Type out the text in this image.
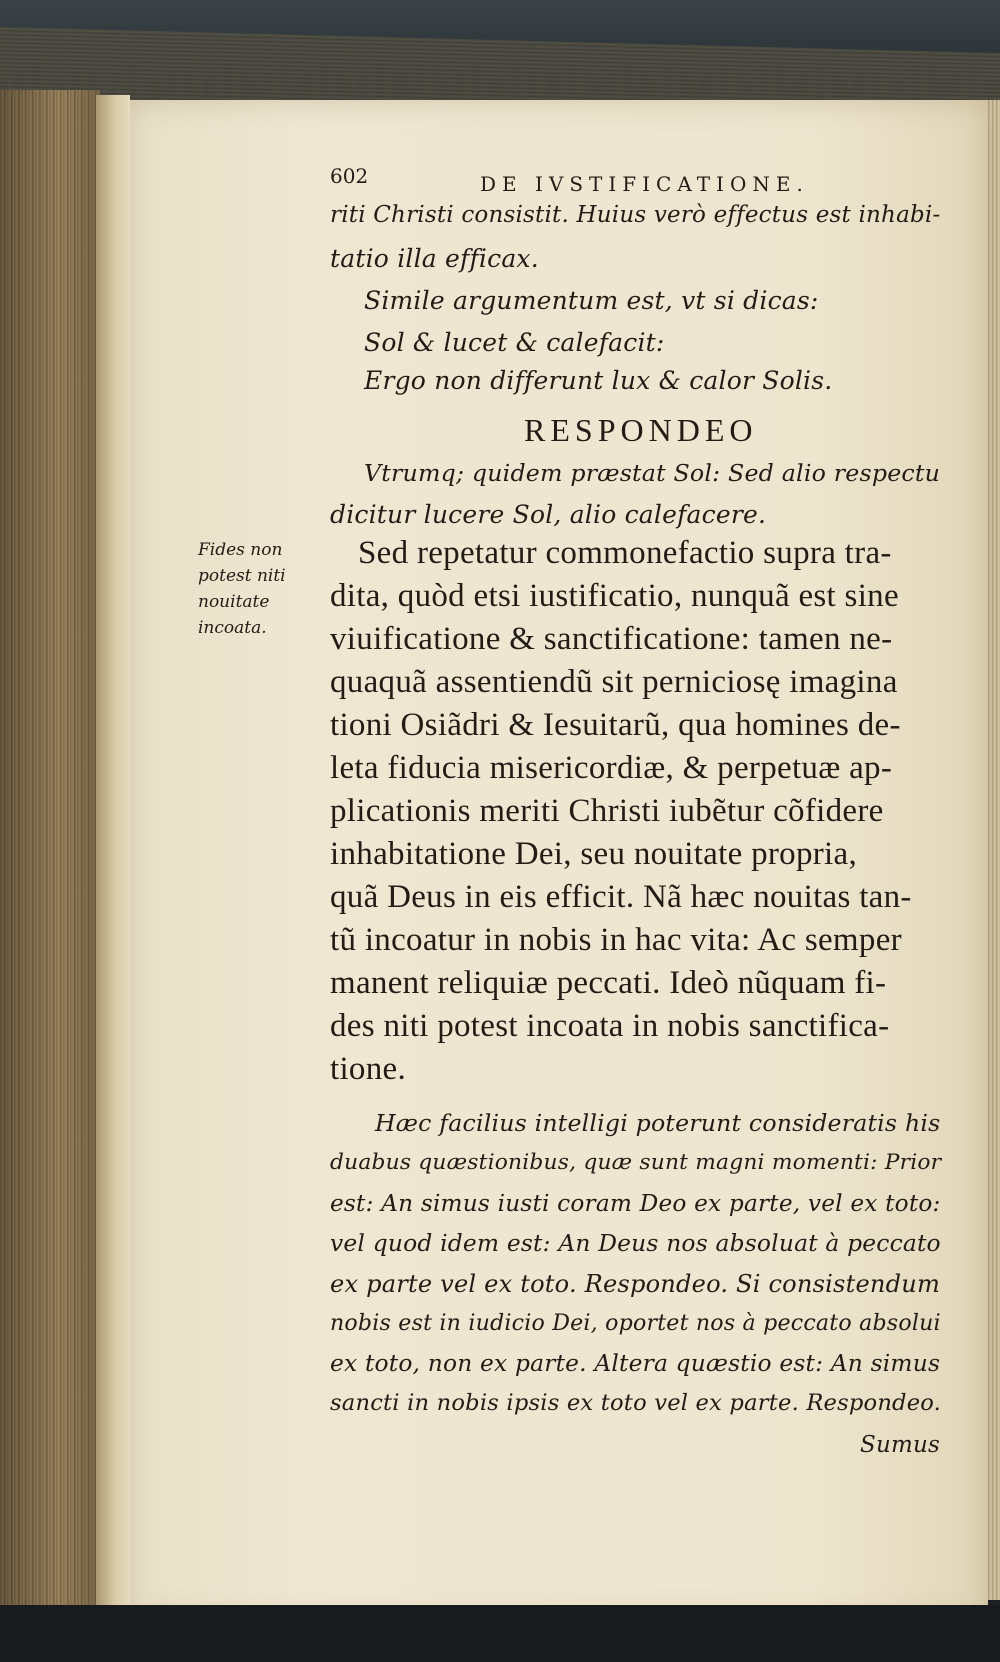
602	DE IVSTIFICATIONE.
riti Christi consistit. Huius verò effectus est inhabi-
tatio illa efficax.
Simile argumentum est, vt si dicas:
Sol & lucet & calefacit:
Ergo non differunt lux & calor Solis.
RESPONDEO
Vtrumq; quidem præstat Sol: Sed alio respectu
dicitur lucere Sol, alio calefacere.
Fides non
potest niti
nouitate
incoata.
Sed repetatur commonefactio supra tra-
dita, quòd etsi iustificatio, nunquã est sine
viuificatione & sanctificatione: tamen ne-
quaquã assentiendũ sit perniciosę imagina
tioni Osiãdri & Iesuitarũ, qua homines de-
leta fiducia misericordiæ, & perpetuæ ap-
plicationis meriti Christi iubẽtur cõfidere
inhabitatione Dei, seu nouitate propria,
quã Deus in eis efficit. Nã hæc nouitas tan-
tũ incoatur in nobis in hac vita: Ac semper
manent reliquiæ peccati. Ideò nũquam fi-
des niti potest incoata in nobis sanctifica-
tione.
Hæc facilius intelligi poterunt consideratis his
duabus quæstionibus, quæ sunt magni momenti: Prior
est: An simus iusti coram Deo ex parte, vel ex toto:
vel quod idem est: An Deus nos absoluat à peccato
ex parte vel ex toto. Respondeo. Si consistendum
nobis est in iudicio Dei, oportet nos à peccato absolui
ex toto, non ex parte. Altera quæstio est: An simus
sancti in nobis ipsis ex toto vel ex parte. Respondeo.
Sumus
